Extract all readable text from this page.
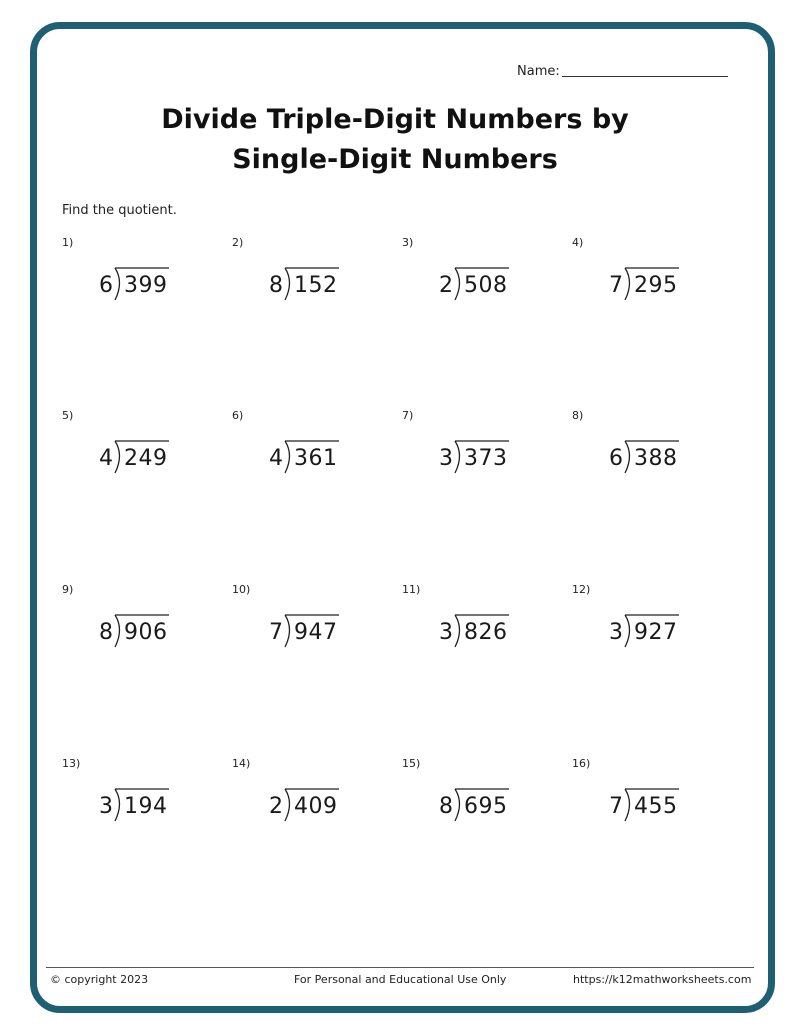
Name:
Divide Triple-Digit Numbers by
Single-Digit Numbers
Find the quotient.
1)
6 399
2)
8 152
3)
2 508
4)
7 295
5)
4 249
6)
4 361
7)
3 373
8)
6 388
9)
8 906
10)
7 947
11)
3 826
12)
3 927
13)
3 194
14)
2 409
15)
8 695
16)
7 455
© copyright 2023	For Personal and Educational Use Only	https://k12mathworksheets.com
